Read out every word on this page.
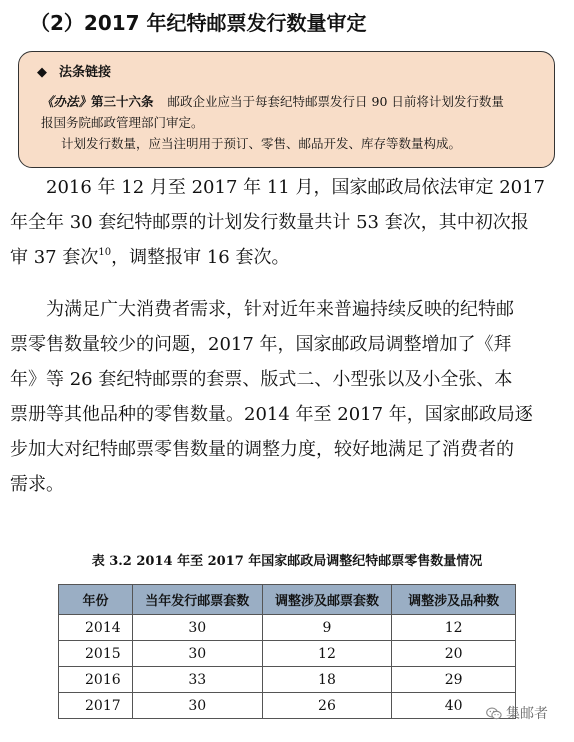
（2）2017 年纪特邮票发行数量审定
◆ 法条链接
《办法》第三十六条 邮政企业应当于每套纪特邮票发行日 90 日前将计划发行数量
报国务院邮政管理部门审定。
计划发行数量，应当注明用于预订、零售、邮品开发、库存等数量构成。
2016 年 12 月至 2017 年 11 月，国家邮政局依法审定 2017
年全年 30 套纪特邮票的计划发行数量共计 53 套次，其中初次报
审 37 套次$^{10}$，调整报审 16 套次。
为满足广大消费者需求，针对近年来普遍持续反映的纪特邮
票零售数量较少的问题，2017 年，国家邮政局调整增加了《拜
年》等 26 套纪特邮票的套票、版式二、小型张以及小全张、本
票册等其他品种的零售数量。2014 年至 2017 年，国家邮政局逐
步加大对纪特邮票零售数量的调整力度，较好地满足了消费者的
需求。
表 3.2 2014 年至 2017 年国家邮政局调整纪特邮票零售数量情况
年份	当年发行邮票套数	调整涉及邮票套数	调整涉及品种数
2014	30	9	12
2015	30	12	20
2016	33	18	29
2017	30	26	40
集邮者
